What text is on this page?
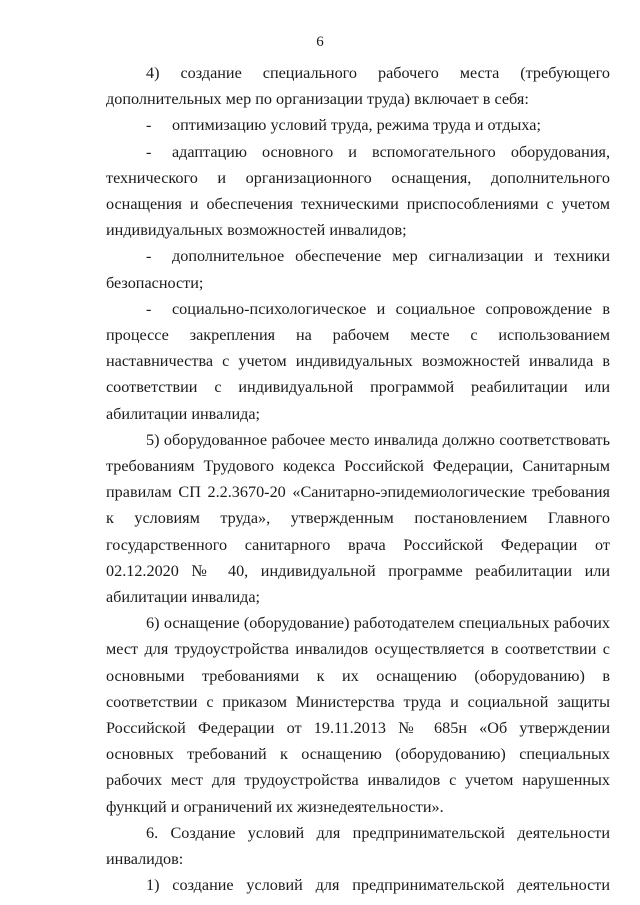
6

4) создание специального рабочего места (требующего дополнительных мер по организации труда) включает в себя:

- оптимизацию условий труда, режима труда и отдыха;

- адаптацию основного и вспомогательного оборудования, технического и организационного оснащения, дополнительного оснащения и обеспечения техническими приспособлениями с учетом индивидуальных возможностей инвалидов;

- дополнительное обеспечение мер сигнализации и техники безопасности;

- социально-психологическое и социальное сопровождение в процессе закрепления на рабочем месте с использованием наставничества с учетом индивидуальных возможностей инвалида в соответствии с индивидуальной программой реабилитации или абилитации инвалида;

5) оборудованное рабочее место инвалида должно соответствовать требованиям Трудового кодекса Российской Федерации, Санитарным правилам СП 2.2.3670-20 «Санитарно-эпидемиологические требования к условиям труда», утвержденным постановлением Главного государственного санитарного врача Российской Федерации от 02.12.2020 № 40, индивидуальной программе реабилитации или абилитации инвалида;

6) оснащение (оборудование) работодателем специальных рабочих мест для трудоустройства инвалидов осуществляется в соответствии с основными требованиями к их оснащению (оборудованию) в соответствии с приказом Министерства труда и социальной защиты Российской Федерации от 19.11.2013 № 685н «Об утверждении основных требований к оснащению (оборудованию) специальных рабочих мест для трудоустройства инвалидов с учетом нарушенных функций и ограничений их жизнедеятельности».

6. Создание условий для предпринимательской деятельности инвалидов:

1) создание условий для предпринимательской деятельности
